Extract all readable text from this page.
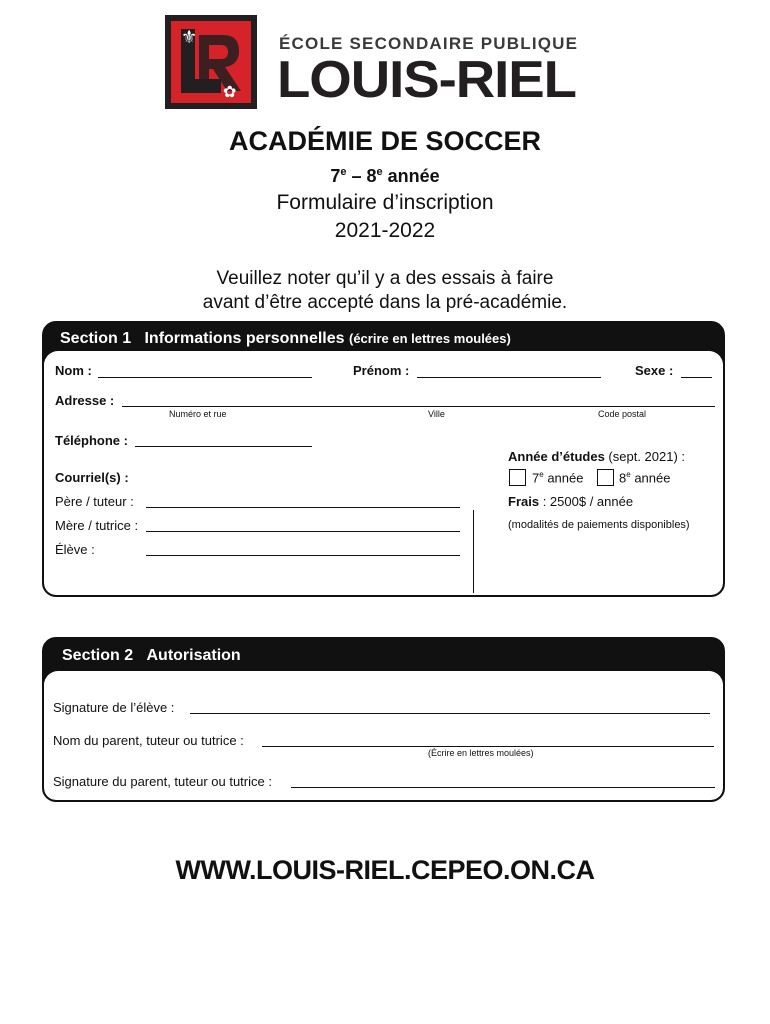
⚜
✿
ÉCOLE SECONDAIRE PUBLIQUE
LOUIS-RIEL
ACADÉMIE DE SOCCER
7e – 8e année
Formulaire d’inscription
2021-2022
Veuillez noter qu’il y a des essais à faire
avant d’être accepté dans la pré-académie.
Section 1 Informations personnelles (écrire en lettres moulées)
Nom :	Prénom :	Sexe :
Adresse :
Numéro et rue	Ville	Code postal
Téléphone :
Année d’études (sept. 2021) :
7e année	8e année
Frais : 2500$ / année
(modalités de paiements disponibles)
Courriel(s) :
Père / tuteur :
Mère / tutrice :
Élève :
Section 2 Autorisation
Signature de l’élève :
Nom du parent, tuteur ou tutrice :
(Écrire en lettres moulées)
Signature du parent, tuteur ou tutrice :
WWW.LOUIS-RIEL.CEPEO.ON.CA
